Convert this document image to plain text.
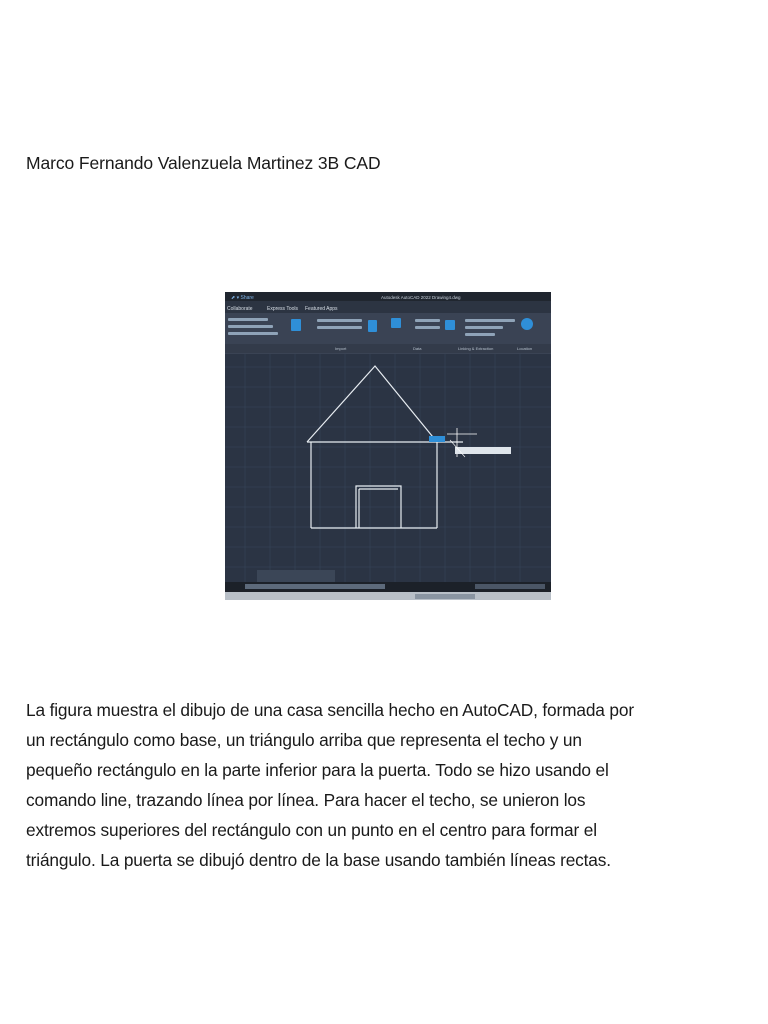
Marco Fernando Valenzuela Martinez 3B CAD
Autodesk AutoCAD 2022 Drawing4.dwg
⬈ ▾ Share
Collaborate	Express Tools Featured Apps
Import	Data	Linking & Extraction	Location
La figura muestra el dibujo de una casa sencilla hecho en AutoCAD, formada por
un rectángulo como base, un triángulo arriba que representa el techo y un
pequeño rectángulo en la parte inferior para la puerta. Todo se hizo usando el
comando line, trazando línea por línea. Para hacer el techo, se unieron los
extremos superiores del rectángulo con un punto en el centro para formar el
triángulo. La puerta se dibujó dentro de la base usando también líneas rectas.
